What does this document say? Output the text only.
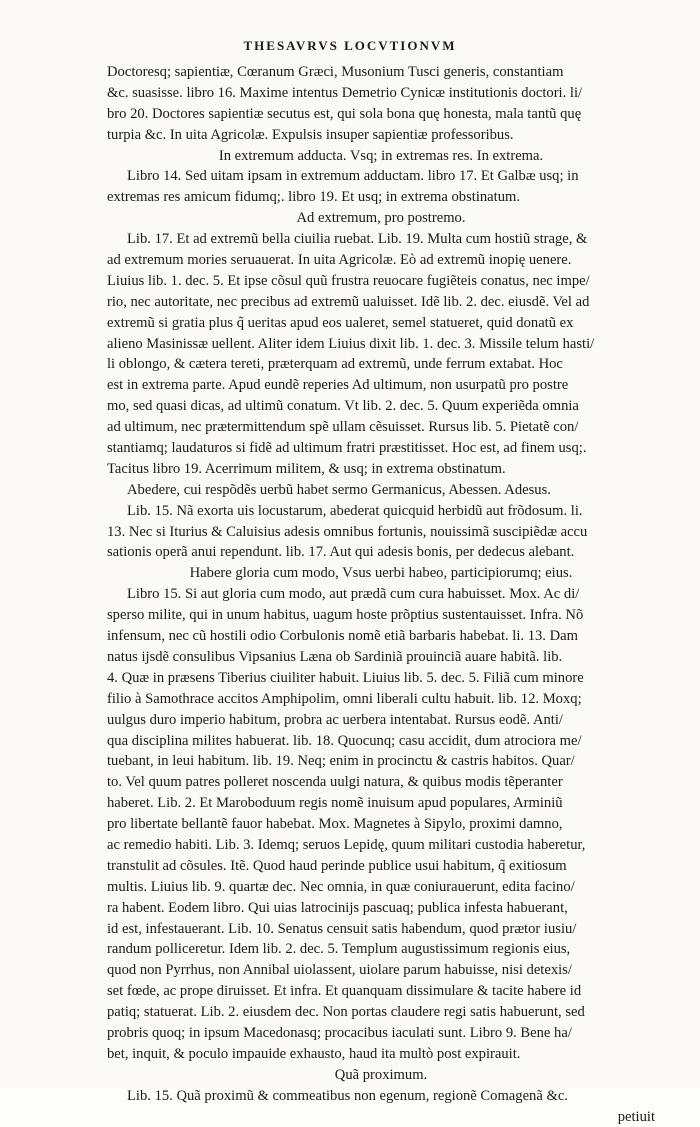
THESAVRVS LOCVTIONVM
Doctoresq; sapientiæ, Cœranum Græci, Musonium Tusci generis, constantiam
&c. suasisse. libro 16. Maxime intentus Demetrio Cynicæ institutionis doctori. li/
bro 20. Doctores sapientiæ secutus est, qui sola bona quę honesta, mala tantũ quę
turpia &c. In uita Agricolæ. Expulsis insuper sapientiæ professoribus.
In extremum adducta. Vsq; in extremas res. In extrema.
Libro 14. Sed uitam ipsam in extremum adductam. libro 17. Et Galbæ usq; in
extremas res amicum fidumq;. libro 19. Et usq; in extrema obstinatum.
Ad extremum, pro postremo.
Lib. 17. Et ad extremũ bella ciuilia ruebat. Lib. 19. Multa cum hostiũ strage, &
ad extremum mories seruauerat. In uita Agricolæ. Eò ad extremũ inopię uenere.
Liuius lib. 1. dec. 5. Et ipse cõsul quũ frustra reuocare fugiẽteis conatus, nec impe/
rio, nec autoritate, nec precibus ad extremũ ualuisset. Idẽ lib. 2. dec. eiusdẽ. Vel ad
extremũ si gratia plus q̃ ueritas apud eos ualeret, semel statueret, quid donatũ ex
alieno Masinissæ uellent. Aliter idem Liuius dixit lib. 1. dec. 3. Missile telum hasti/
li oblongo, & cætera tereti, præterquam ad extremũ, unde ferrum extabat. Hoc
est in extrema parte. Apud eundẽ reperies Ad ultimum, non usurpatũ pro postre
mo, sed quasi dicas, ad ultimũ conatum. Vt lib. 2. dec. 5. Quum experiẽda omnia
ad ultimum, nec prætermittendum spẽ ullam cẽsuisset. Rursus lib. 5. Pietatẽ con/
stantiamq; laudaturos si fidẽ ad ultimum fratri præstitisset. Hoc est, ad finem usq;.
Tacitus libro 19. Acerrimum militem, & usq; in extrema obstinatum.
Abedere, cui respõdẽs uerbũ habet sermo Germanicus, Abessen. Adesus.
Lib. 15. Nã exorta uis locustarum, abederat quicquid herbidũ aut frõdosum. li.
13. Nec si Iturius & Caluisius adesis omnibus fortunis, nouissimã suscipiẽdæ accu
sationis operã anui rependunt. lib. 17. Aut qui adesis bonis, per dedecus alebant.
Habere gloria cum modo, Vsus uerbi habeo, participiorumq; eius.
Libro 15. Si aut gloria cum modo, aut prædã cum cura habuisset. Mox. Ac di/
sperso milite, qui in unum habitus, uagum hoste prõptius sustentauisset. Infra. Nõ
infensum, nec cũ hostili odio Corbulonis nomẽ etiã barbaris habebat. li. 13. Dam
natus ijsdẽ consulibus Vipsanius Læna ob Sardiniã prouinciã auare habitã. lib.
4. Quæ in præsens Tiberius ciuiliter habuit. Liuius lib. 5. dec. 5. Filiã cum minore
filio à Samothrace accitos Amphipolim, omni liberali cultu habuit. lib. 12. Moxq;
uulgus duro imperio habitum, probra ac uerbera intentabat. Rursus eodẽ. Anti/
qua disciplina milites habuerat. lib. 18. Quocunq; casu accidit, dum atrociora me/
tuebant, in leui habitum. lib. 19. Neq; enim in procinctu & castris habitos. Quar/
to. Vel quum patres polleret noscenda uulgi natura, & quibus modis tẽperanter
haberet. Lib. 2. Et Maroboduum regis nomẽ inuisum apud populares, Arminiũ
pro libertate bellantẽ fauor habebat. Mox. Magnetes à Sipylo, proximi damno,
ac remedio habiti. Lib. 3. Idemq; seruos Lepidę, quum militari custodia haberetur,
transtulit ad cõsules. Itẽ. Quod haud perinde publice usui habitum, q̃ exitiosum
multis. Liuius lib. 9. quartæ dec. Nec omnia, in quæ coniurauerunt, edita facino/
ra habent. Eodem libro. Qui uias latrocinijs pascuaq; publica infesta habuerant,
id est, infestauerant. Lib. 10. Senatus censuit satis habendum, quod prætor iusiu/
randum polliceretur. Idem lib. 2. dec. 5. Templum augustissimum regionis eius,
quod non Pyrrhus, non Annibal uiolassent, uiolare parum habuisse, nisi detexis/
set fœde, ac prope diruisset. Et infra. Et quanquam dissimulare & tacite habere id
patiq; statuerat. Lib. 2. eiusdem dec. Non portas claudere regi satis habuerunt, sed
probris quoq; in ipsum Macedonasq; procacibus iaculati sunt. Libro 9. Bene ha/
bet, inquit, & poculo impauide exhausto, haud ita multò post expirauit.
Quã proximum.
Lib. 15. Quã proximũ & commeatibus non egenum, regionẽ Comagenã &c.
petiuit
